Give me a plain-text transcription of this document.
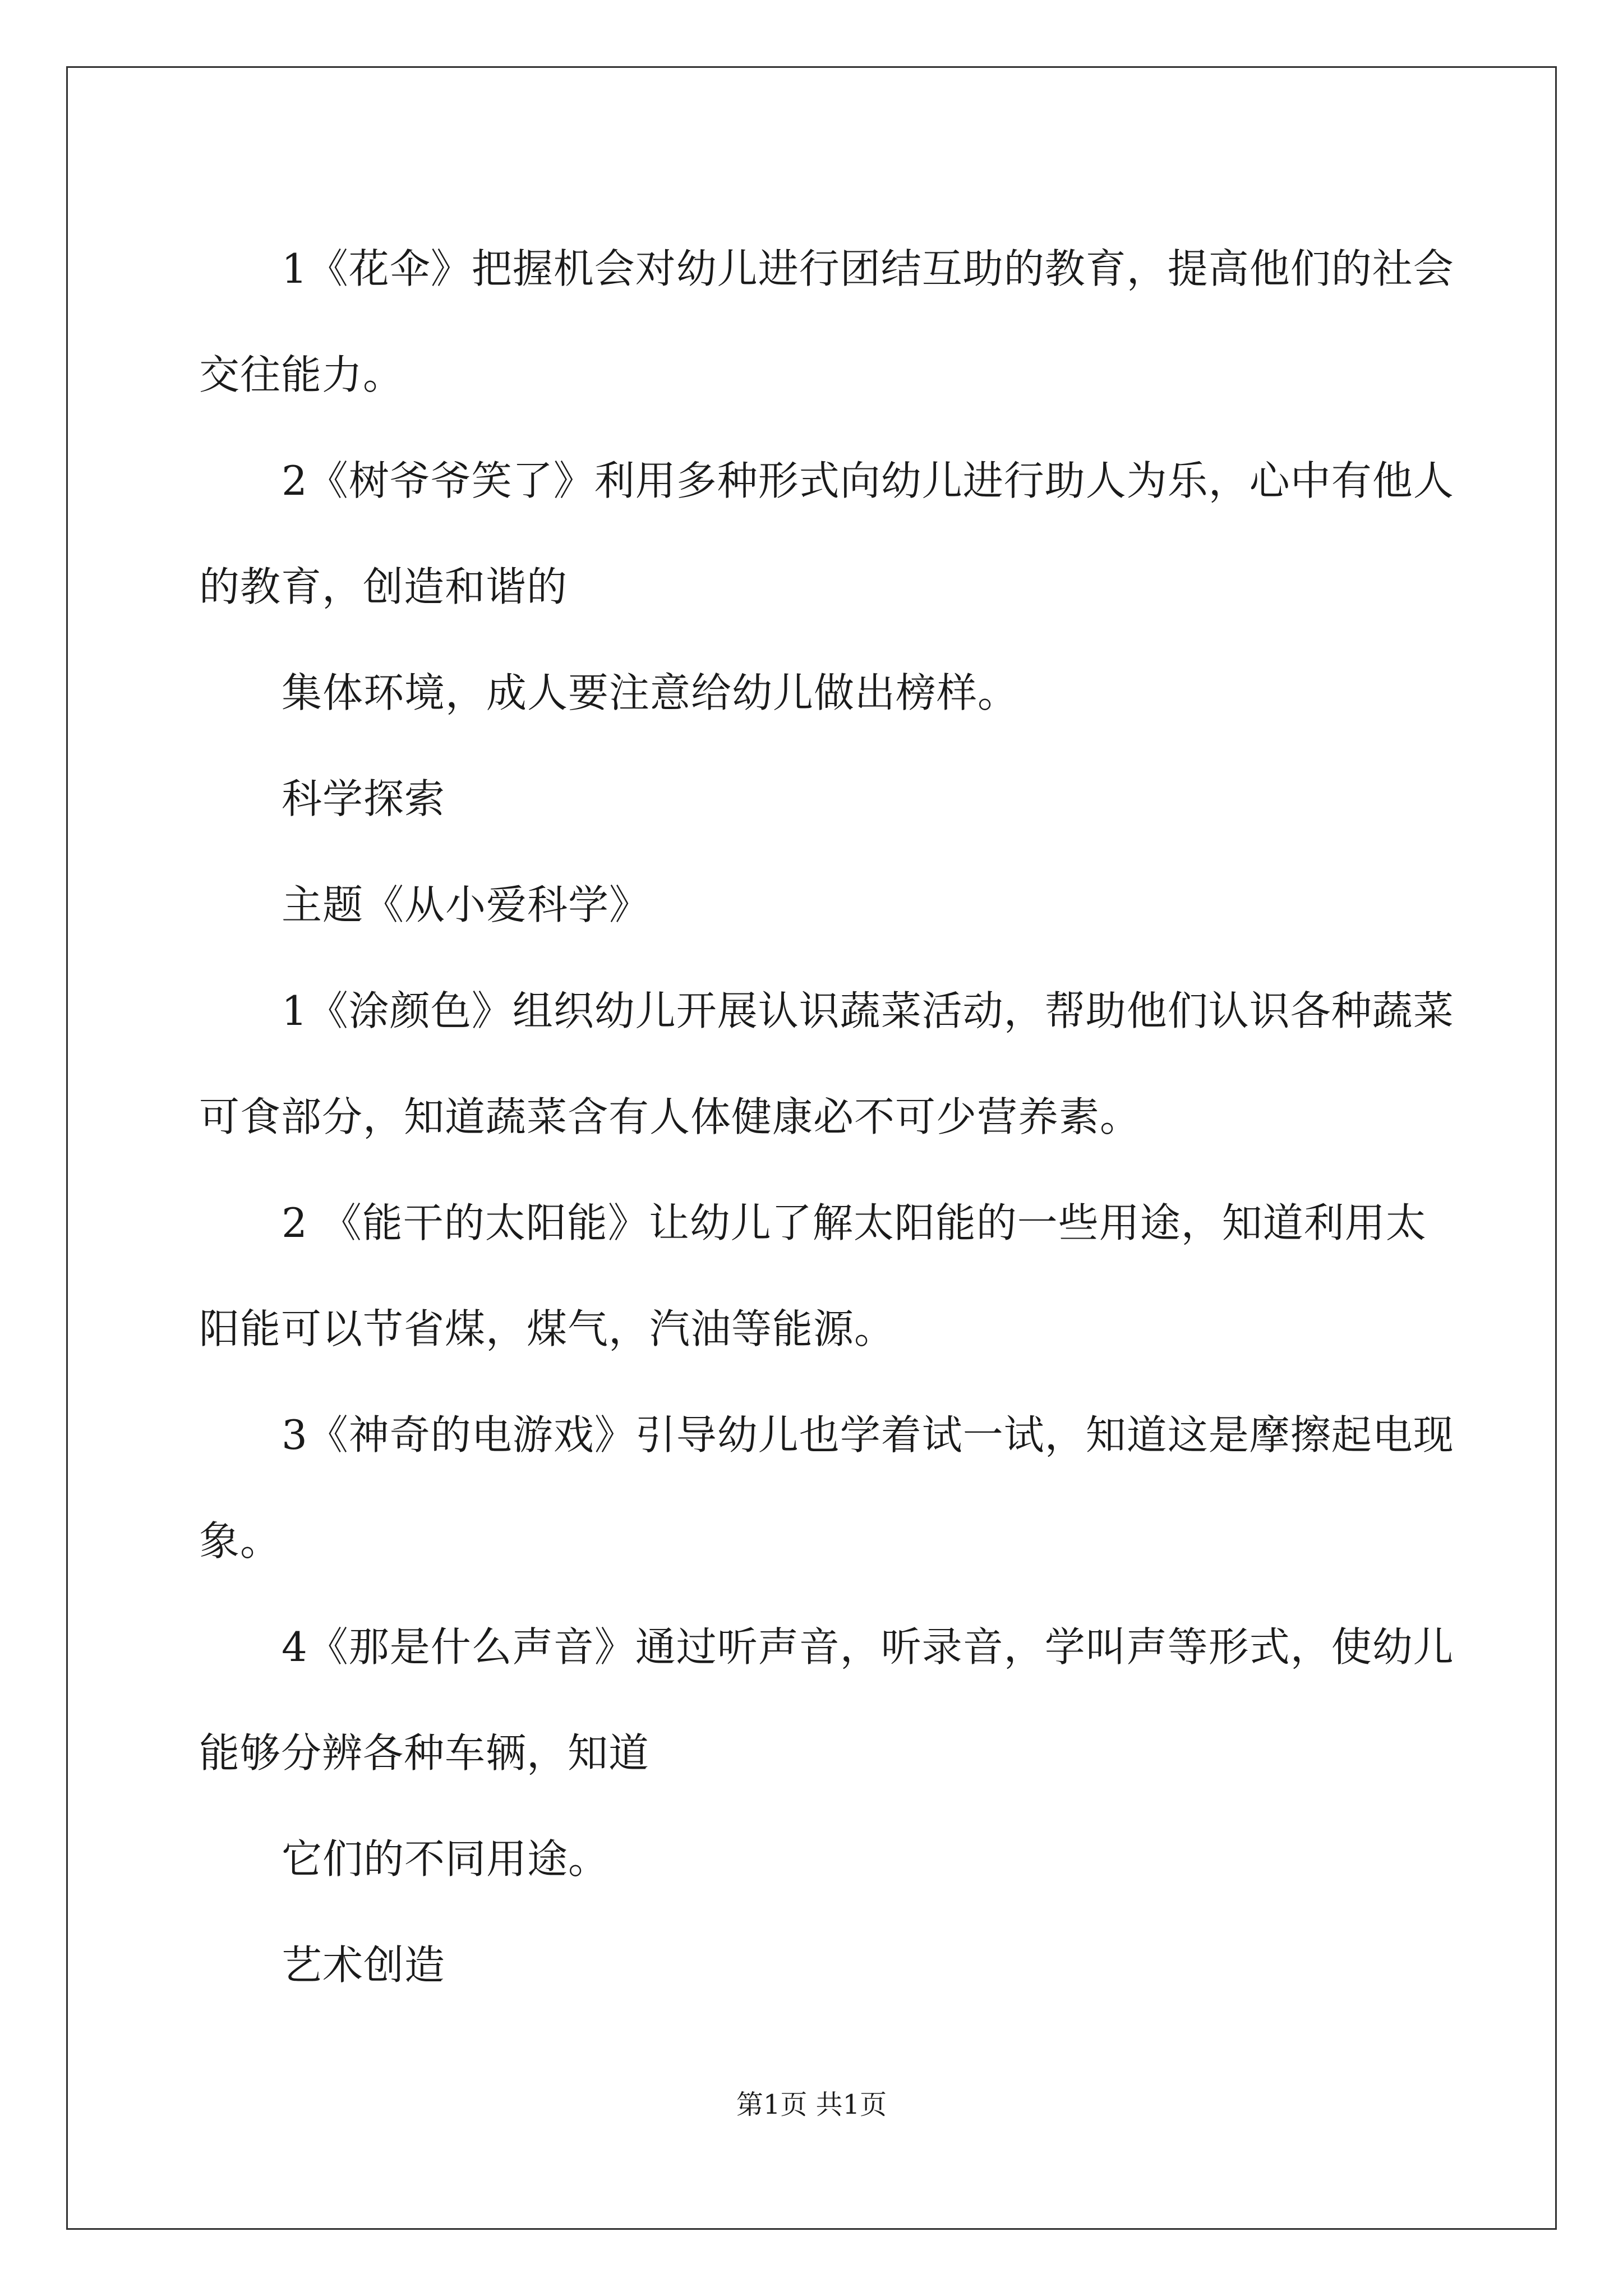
1《花伞》把握机会对幼儿进行团结互助的教育，提高他们的社会
交往能力。

2《树爷爷笑了》利用多种形式向幼儿进行助人为乐，心中有他人
的教育，创造和谐的

集体环境，成人要注意给幼儿做出榜样。

科学探索

主题《从小爱科学》

1《涂颜色》组织幼儿开展认识蔬菜活动，帮助他们认识各种蔬菜
可食部分，知道蔬菜含有人体健康必不可少营养素。

2 《能干的太阳能》让幼儿了解太阳能的一些用途，知道利用太
阳能可以节省煤，煤气，汽油等能源。

3《神奇的电游戏》引导幼儿也学着试一试，知道这是摩擦起电现
象。

4《那是什么声音》通过听声音，听录音，学叫声等形式，使幼儿
能够分辨各种车辆，知道

它们的不同用途。

艺术创造

第1页 共1页
